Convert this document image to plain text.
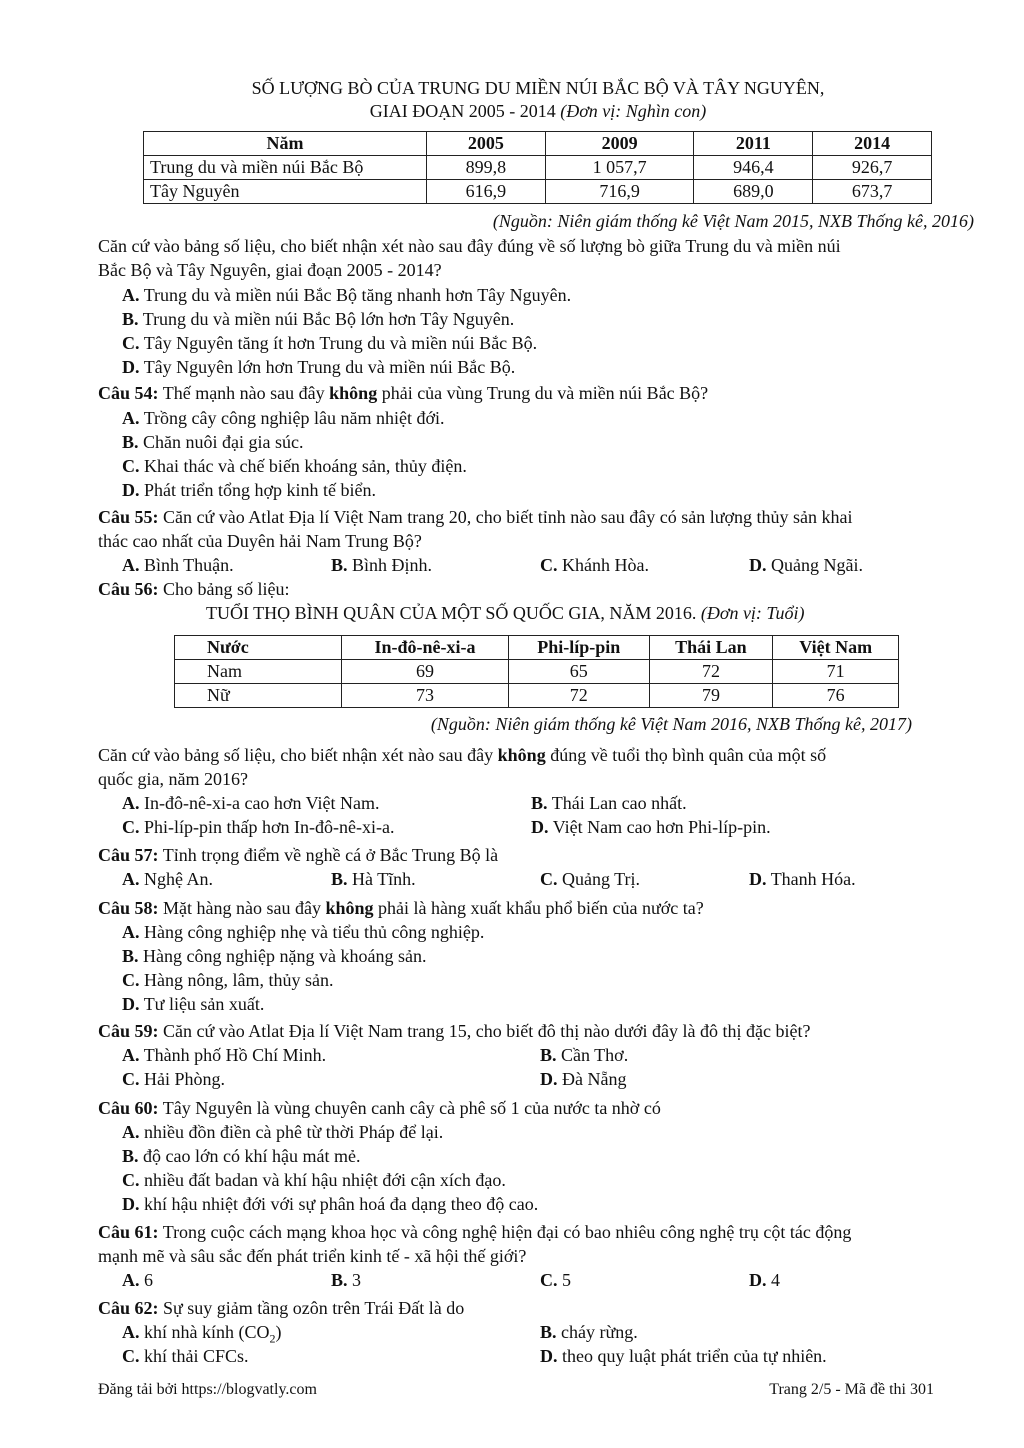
SỐ LƯỢNG BÒ CỦA TRUNG DU MIỀN NÚI BẮC BỘ VÀ TÂY NGUYÊN,
GIAI ĐOẠN 2005 - 2014 (Đơn vị: Nghìn con)
Năm	2005	2009	2011	2014
Trung du và miền núi Bắc Bộ	899,8	1 057,7	946,4	926,7
Tây Nguyên	616,9	716,9	689,0	673,7
(Nguồn: Niên giám thống kê Việt Nam 2015, NXB Thống kê, 2016)
Căn cứ vào bảng số liệu, cho biết nhận xét nào sau đây đúng về số lượng bò giữa Trung du và miền núi
Bắc Bộ và Tây Nguyên, giai đoạn 2005 - 2014?
A. Trung du và miền núi Bắc Bộ tăng nhanh hơn Tây Nguyên.
B. Trung du và miền núi Bắc Bộ lớn hơn Tây Nguyên.
C. Tây Nguyên tăng ít hơn Trung du và miền núi Bắc Bộ.
D. Tây Nguyên lớn hơn Trung du và miền núi Bắc Bộ.
Câu 54: Thế mạnh nào sau đây không phải của vùng Trung du và miền núi Bắc Bộ?
A. Trồng cây công nghiệp lâu năm nhiệt đới.
B. Chăn nuôi đại gia súc.
C. Khai thác và chế biến khoáng sản, thủy điện.
D. Phát triển tổng hợp kinh tế biển.
Câu 55: Căn cứ vào Atlat Địa lí Việt Nam trang 20, cho biết tỉnh nào sau đây có sản lượng thủy sản khai
thác cao nhất của Duyên hải Nam Trung Bộ?
A. Bình Thuận.	B. Bình Định.	C. Khánh Hòa.	D. Quảng Ngãi.
Câu 56: Cho bảng số liệu:
TUỔI THỌ BÌNH QUÂN CỦA MỘT SỐ QUỐC GIA, NĂM 2016. (Đơn vị: Tuổi)
Nước	In-đô-nê-xi-a	Phi-líp-pin	Thái Lan	Việt Nam
Nam	69	65	72	71
Nữ	73	72	79	76
(Nguồn: Niên giám thống kê Việt Nam 2016, NXB Thống kê, 2017)
Căn cứ vào bảng số liệu, cho biết nhận xét nào sau đây không đúng về tuổi thọ bình quân của một số
quốc gia, năm 2016?
A. In-đô-nê-xi-a cao hơn Việt Nam.	B. Thái Lan cao nhất.
C. Phi-líp-pin thấp hơn In-đô-nê-xi-a.	D. Việt Nam cao hơn Phi-líp-pin.
Câu 57: Tỉnh trọng điểm về nghề cá ở Bắc Trung Bộ là
A. Nghệ An.	B. Hà Tĩnh.	C. Quảng Trị.	D. Thanh Hóa.
Câu 58: Mặt hàng nào sau đây không phải là hàng xuất khẩu phổ biến của nước ta?
A. Hàng công nghiệp nhẹ và tiểu thủ công nghiệp.
B. Hàng công nghiệp nặng và khoáng sản.
C. Hàng nông, lâm, thủy sản.
D. Tư liệu sản xuất.
Câu 59: Căn cứ vào Atlat Địa lí Việt Nam trang 15, cho biết đô thị nào dưới đây là đô thị đặc biệt?
A. Thành phố Hồ Chí Minh.	B. Cần Thơ.
C. Hải Phòng.	D. Đà Nẵng
Câu 60: Tây Nguyên là vùng chuyên canh cây cà phê số 1 của nước ta nhờ có
A. nhiều đồn điền cà phê từ thời Pháp để lại.
B. độ cao lớn có khí hậu mát mẻ.
C. nhiều đất badan và khí hậu nhiệt đới cận xích đạo.
D. khí hậu nhiệt đới với sự phân hoá đa dạng theo độ cao.
Câu 61: Trong cuộc cách mạng khoa học và công nghệ hiện đại có bao nhiêu công nghệ trụ cột tác động
mạnh mẽ và sâu sắc đến phát triển kinh tế - xã hội thế giới?
A. 6	B. 3	C. 5	D. 4
Câu 62: Sự suy giảm tầng ozôn trên Trái Đất là do
A. khí nhà kính $(CO_2)$	B. cháy rừng.
C. khí thải CFCs.	D. theo quy luật phát triển của tự nhiên.
Đăng tải bởi https://blogvatly.com	Trang 2/5 - Mã đề thi 301
